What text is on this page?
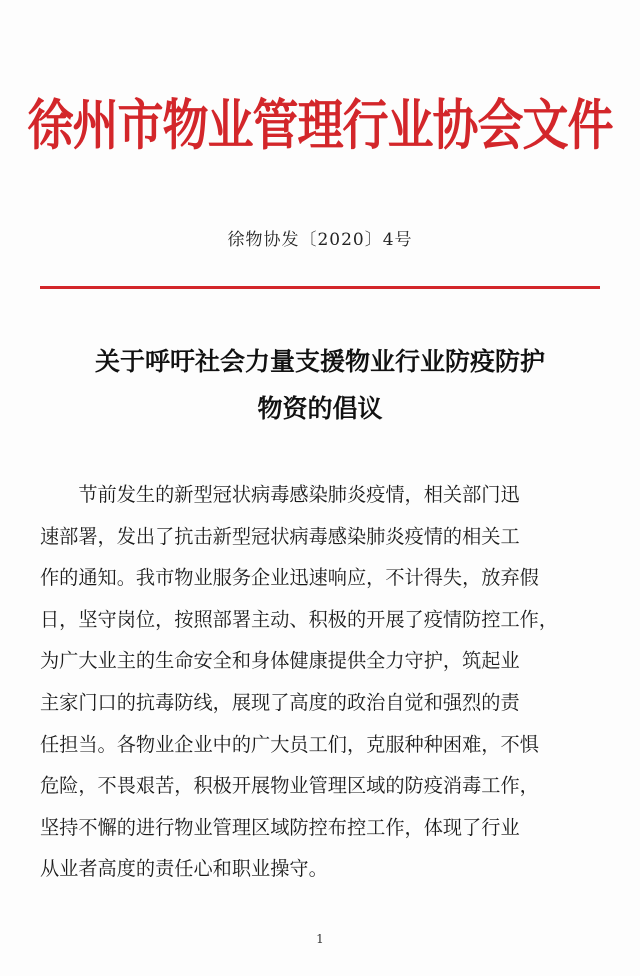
徐州市物业管理行业协会文件
徐物协发〔2020〕4号
关于呼吁社会力量支援物业行业防疫防护
物资的倡议
　　节前发生的新型冠状病毒感染肺炎疫情，相关部门迅
速部署，发出了抗击新型冠状病毒感染肺炎疫情的相关工
作的通知。我市物业服务企业迅速响应，不计得失，放弃假
日，坚守岗位，按照部署主动、积极的开展了疫情防控工作，
为广大业主的生命安全和身体健康提供全力守护，筑起业
主家门口的抗毒防线，展现了高度的政治自觉和强烈的责
任担当。各物业企业中的广大员工们，克服种种困难，不惧
危险，不畏艰苦，积极开展物业管理区域的防疫消毒工作，
坚持不懈的进行物业管理区域防控布控工作，体现了行业
从业者高度的责任心和职业操守。
1
